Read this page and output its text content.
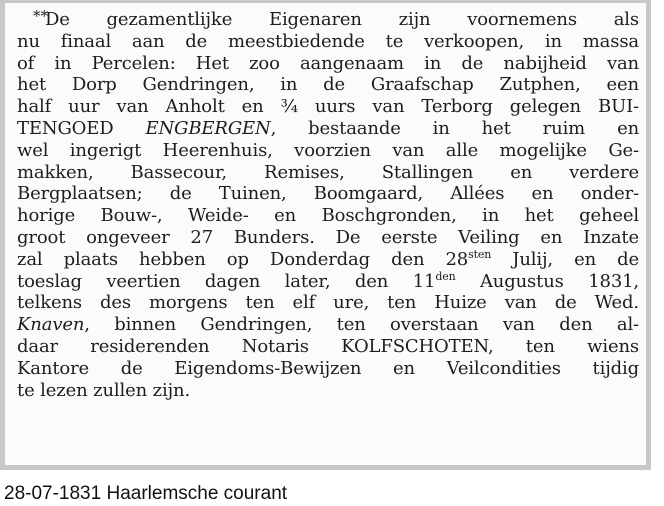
**

De gezamentlijke Eigenaren zijn voornemens als
nu finaal aan de meestbiedende te verkoopen, in massa
of in Percelen: Het zoo aangenaam in de nabijheid van
het Dorp Gendringen, in de Graafschap Zutphen, een
half uur van Anholt en ¾ uurs van Terborg gelegen BUI-
TENGOED ENGBERGEN, bestaande in het ruim en
wel ingerigt Heerenhuis, voorzien van alle mogelijke Ge-
makken, Bassecour, Remises, Stallingen en verdere
Bergplaatsen; de Tuinen, Boomgaard, Allées en onder-
horige Bouw-, Weide- en Boschgronden, in het geheel
groot ongeveer 27 Bunders. De eerste Veiling en Inzate
zal plaats hebben op Donderdag den $28^{sten}$ Julij, en de
toeslag veertien dagen later, den $11^{den}$ Augustus 1831,
telkens des morgens ten elf ure, ten Huize van de Wed.
Knaven, binnen Gendringen, ten overstaan van den al-
daar residerenden Notaris KOLFSCHOTEN, ten wiens
Kantore de Eigendoms-Bewijzen en Veilcondities tijdig
te lezen zullen zijn.

28-07-1831 Haarlemsche courant
